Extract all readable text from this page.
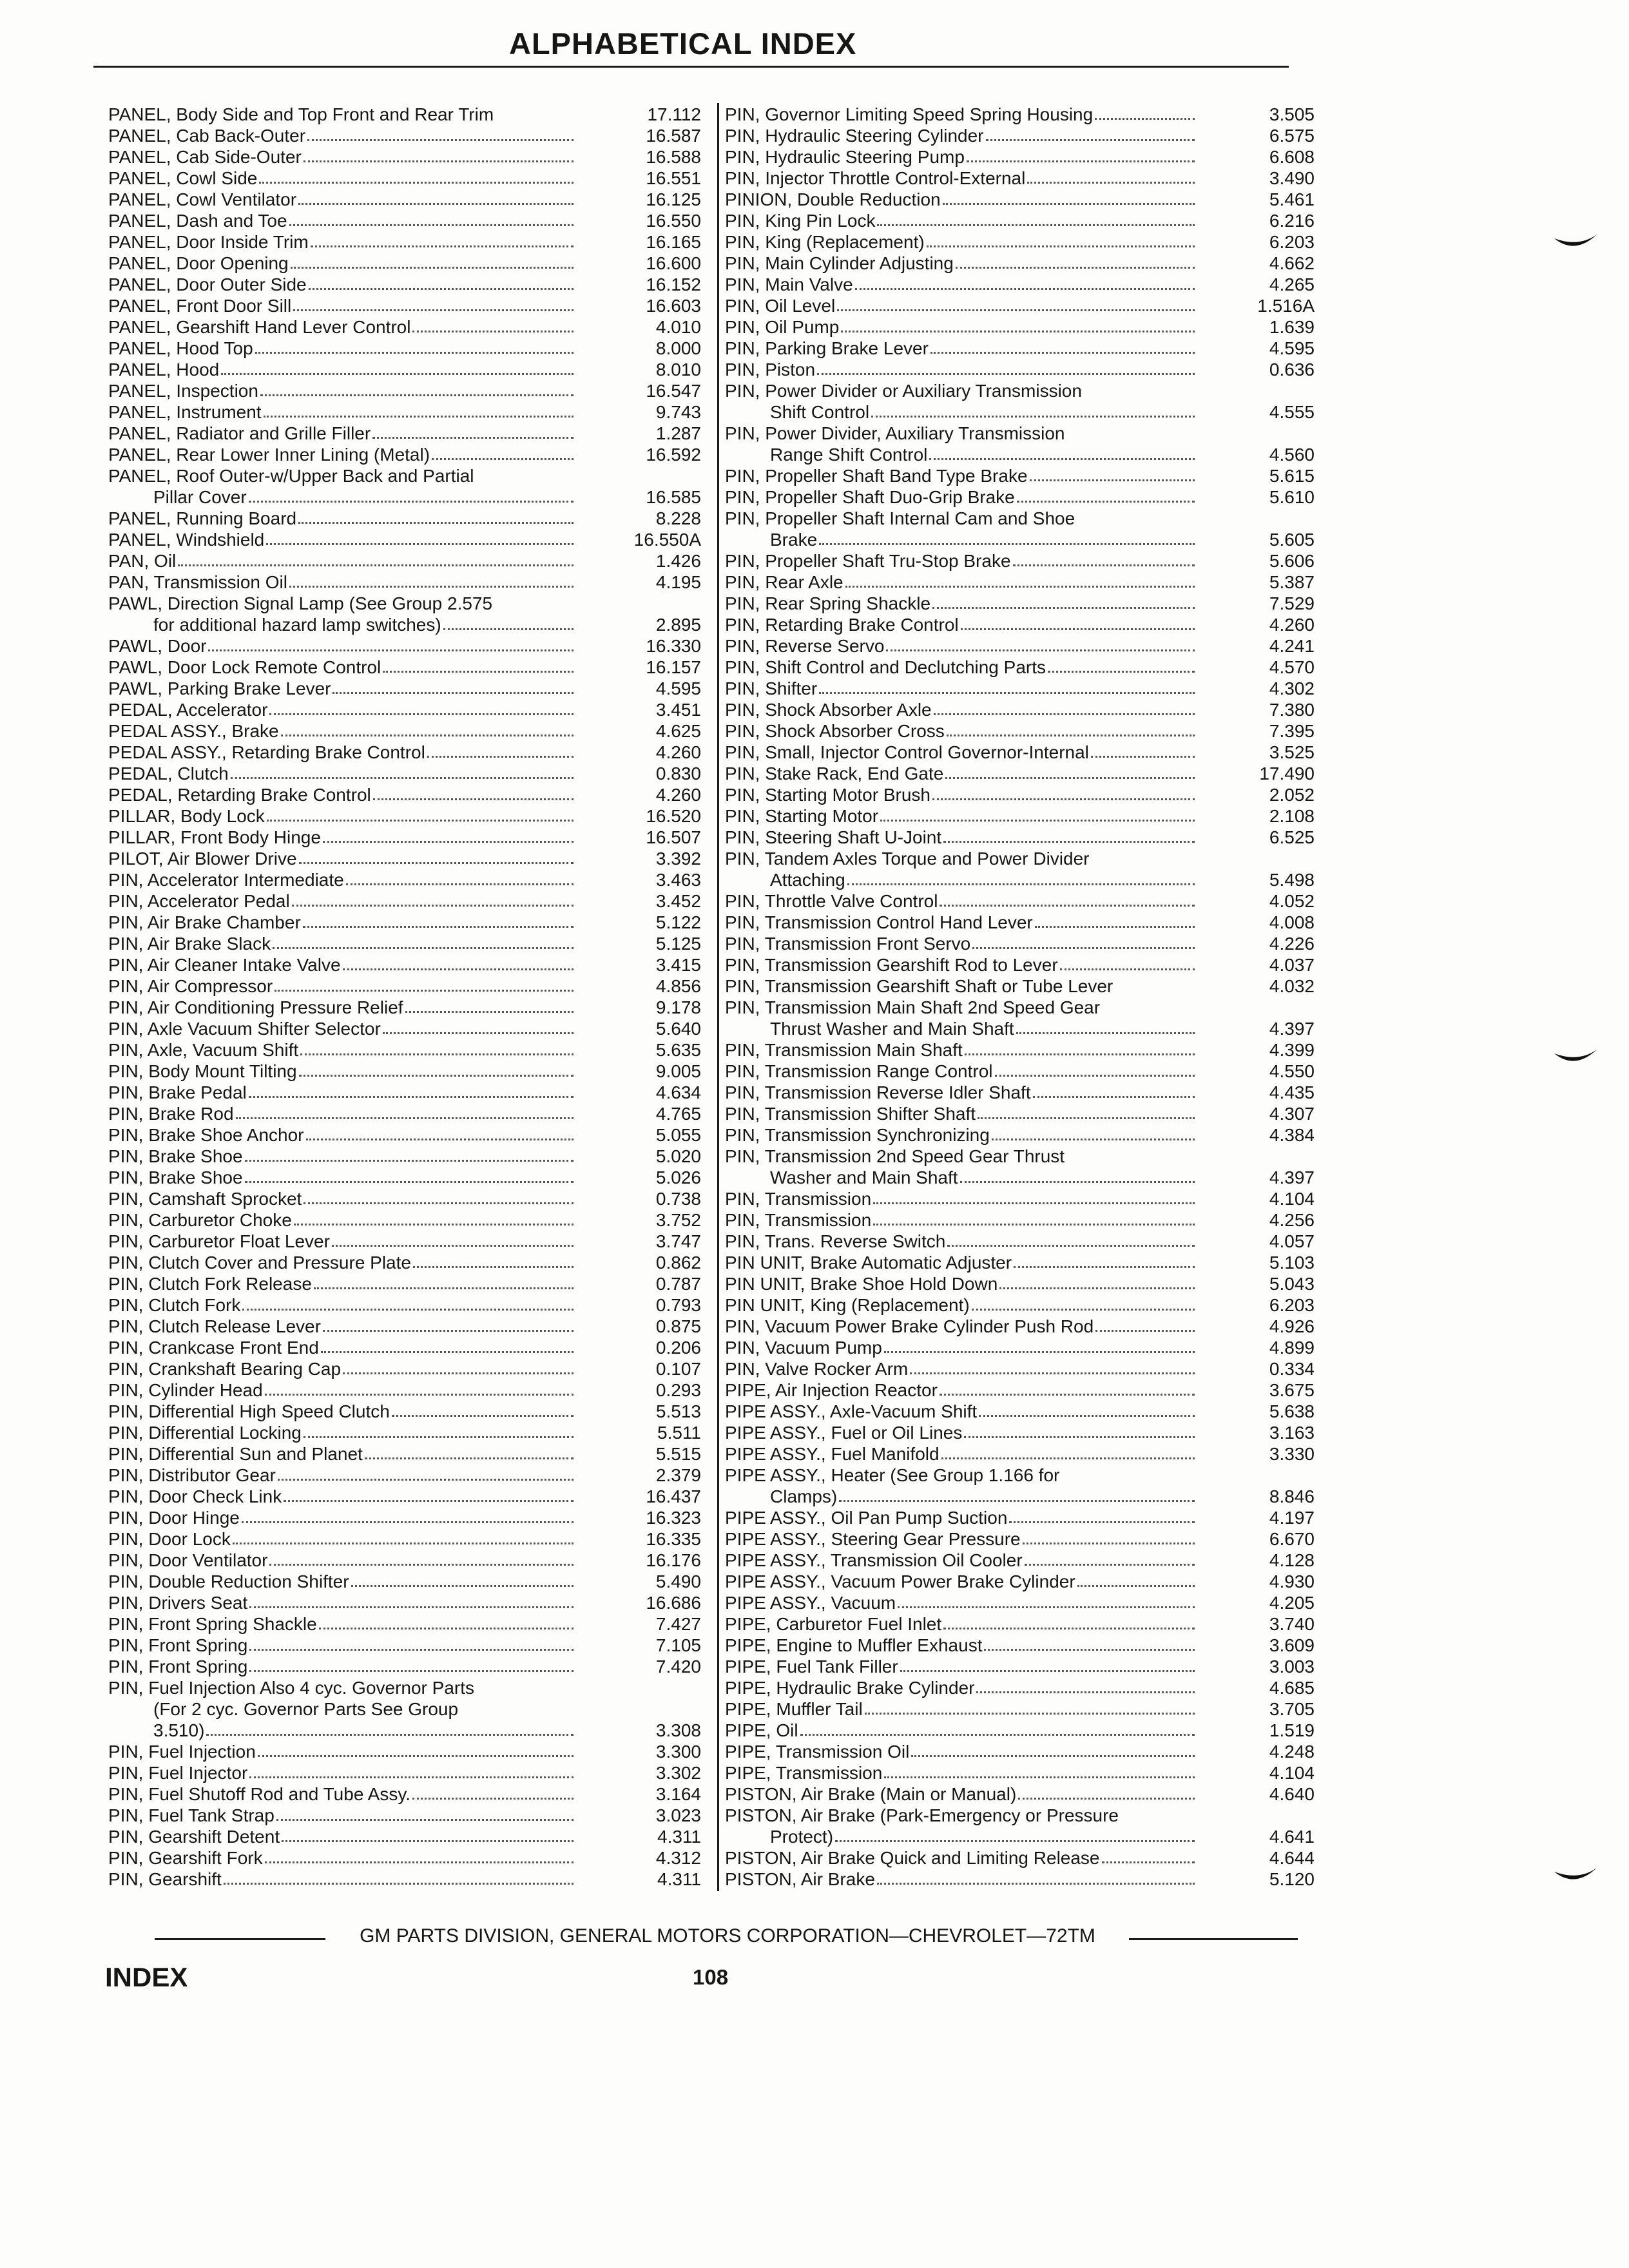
ALPHABETICAL INDEX
PANEL, Body Side and Top Front and Rear Trim	17.112
PANEL, Cab Back-Outer	16.587
PANEL, Cab Side-Outer	16.588
PANEL, Cowl Side	16.551
PANEL, Cowl Ventilator	16.125
PANEL, Dash and Toe	16.550
PANEL, Door Inside Trim	16.165
PANEL, Door Opening	16.600
PANEL, Door Outer Side	16.152
PANEL, Front Door Sill	16.603
PANEL, Gearshift Hand Lever Control	4.010
PANEL, Hood Top	8.000
PANEL, Hood	8.010
PANEL, Inspection	16.547
PANEL, Instrument	9.743
PANEL, Radiator and Grille Filler	1.287
PANEL, Rear Lower Inner Lining (Metal)	16.592
PANEL, Roof Outer-w/Upper Back and Partial
Pillar Cover	16.585
PANEL, Running Board	8.228
PANEL, Windshield	16.550A
PAN, Oil	1.426
PAN, Transmission Oil	4.195
PAWL, Direction Signal Lamp (See Group 2.575
for additional hazard lamp switches)	2.895
PAWL, Door	16.330
PAWL, Door Lock Remote Control	16.157
PAWL, Parking Brake Lever	4.595
PEDAL, Accelerator	3.451
PEDAL ASSY., Brake	4.625
PEDAL ASSY., Retarding Brake Control	4.260
PEDAL, Clutch	0.830
PEDAL, Retarding Brake Control	4.260
PILLAR, Body Lock	16.520
PILLAR, Front Body Hinge	16.507
PILOT, Air Blower Drive	3.392
PIN, Accelerator Intermediate	3.463
PIN, Accelerator Pedal	3.452
PIN, Air Brake Chamber	5.122
PIN, Air Brake Slack	5.125
PIN, Air Cleaner Intake Valve	3.415
PIN, Air Compressor	4.856
PIN, Air Conditioning Pressure Relief	9.178
PIN, Axle Vacuum Shifter Selector	5.640
PIN, Axle, Vacuum Shift	5.635
PIN, Body Mount Tilting	9.005
PIN, Brake Pedal	4.634
PIN, Brake Rod	4.765
PIN, Brake Shoe Anchor	5.055
PIN, Brake Shoe	5.020
PIN, Brake Shoe	5.026
PIN, Camshaft Sprocket	0.738
PIN, Carburetor Choke	3.752
PIN, Carburetor Float Lever	3.747
PIN, Clutch Cover and Pressure Plate	0.862
PIN, Clutch Fork Release	0.787
PIN, Clutch Fork	0.793
PIN, Clutch Release Lever	0.875
PIN, Crankcase Front End	0.206
PIN, Crankshaft Bearing Cap	0.107
PIN, Cylinder Head	0.293
PIN, Differential High Speed Clutch	5.513
PIN, Differential Locking	5.511
PIN, Differential Sun and Planet	5.515
PIN, Distributor Gear	2.379
PIN, Door Check Link	16.437
PIN, Door Hinge	16.323
PIN, Door Lock	16.335
PIN, Door Ventilator	16.176
PIN, Double Reduction Shifter	5.490
PIN, Drivers Seat	16.686
PIN, Front Spring Shackle	7.427
PIN, Front Spring	7.105
PIN, Front Spring	7.420
PIN, Fuel Injection Also 4 cyc. Governor Parts
(For 2 cyc. Governor Parts See Group
3.510)	3.308
PIN, Fuel Injection	3.300
PIN, Fuel Injector	3.302
PIN, Fuel Shutoff Rod and Tube Assy.	3.164
PIN, Fuel Tank Strap	3.023
PIN, Gearshift Detent	4.311
PIN, Gearshift Fork	4.312
PIN, Gearshift	4.311
PIN, Governor Limiting Speed Spring Housing	3.505
PIN, Hydraulic Steering Cylinder	6.575
PIN, Hydraulic Steering Pump	6.608
PIN, Injector Throttle Control-External	3.490
PINION, Double Reduction	5.461
PIN, King Pin Lock	6.216
PIN, King (Replacement)	6.203
PIN, Main Cylinder Adjusting	4.662
PIN, Main Valve	4.265
PIN, Oil Level	1.516A
PIN, Oil Pump	1.639
PIN, Parking Brake Lever	4.595
PIN, Piston	0.636
PIN, Power Divider or Auxiliary Transmission
Shift Control	4.555
PIN, Power Divider, Auxiliary Transmission
Range Shift Control	4.560
PIN, Propeller Shaft Band Type Brake	5.615
PIN, Propeller Shaft Duo-Grip Brake	5.610
PIN, Propeller Shaft Internal Cam and Shoe
Brake	5.605
PIN, Propeller Shaft Tru-Stop Brake	5.606
PIN, Rear Axle	5.387
PIN, Rear Spring Shackle	7.529
PIN, Retarding Brake Control	4.260
PIN, Reverse Servo	4.241
PIN, Shift Control and Declutching Parts	4.570
PIN, Shifter	4.302
PIN, Shock Absorber Axle	7.380
PIN, Shock Absorber Cross	7.395
PIN, Small, Injector Control Governor-Internal	3.525
PIN, Stake Rack, End Gate	17.490
PIN, Starting Motor Brush	2.052
PIN, Starting Motor	2.108
PIN, Steering Shaft U-Joint	6.525
PIN, Tandem Axles Torque and Power Divider
Attaching	5.498
PIN, Throttle Valve Control	4.052
PIN, Transmission Control Hand Lever	4.008
PIN, Transmission Front Servo	4.226
PIN, Transmission Gearshift Rod to Lever	4.037
PIN, Transmission Gearshift Shaft or Tube Lever	4.032
PIN, Transmission Main Shaft 2nd Speed Gear
Thrust Washer and Main Shaft	4.397
PIN, Transmission Main Shaft	4.399
PIN, Transmission Range Control	4.550
PIN, Transmission Reverse Idler Shaft	4.435
PIN, Transmission Shifter Shaft	4.307
PIN, Transmission Synchronizing	4.384
PIN, Transmission 2nd Speed Gear Thrust
Washer and Main Shaft	4.397
PIN, Transmission	4.104
PIN, Transmission	4.256
PIN, Trans. Reverse Switch	4.057
PIN UNIT, Brake Automatic Adjuster	5.103
PIN UNIT, Brake Shoe Hold Down	5.043
PIN UNIT, King (Replacement)	6.203
PIN, Vacuum Power Brake Cylinder Push Rod	4.926
PIN, Vacuum Pump	4.899
PIN, Valve Rocker Arm	0.334
PIPE, Air Injection Reactor	3.675
PIPE ASSY., Axle-Vacuum Shift	5.638
PIPE ASSY., Fuel or Oil Lines	3.163
PIPE ASSY., Fuel Manifold	3.330
PIPE ASSY., Heater (See Group 1.166 for
Clamps)	8.846
PIPE ASSY., Oil Pan Pump Suction	4.197
PIPE ASSY., Steering Gear Pressure	6.670
PIPE ASSY., Transmission Oil Cooler	4.128
PIPE ASSY., Vacuum Power Brake Cylinder	4.930
PIPE ASSY., Vacuum	4.205
PIPE, Carburetor Fuel Inlet	3.740
PIPE, Engine to Muffler Exhaust	3.609
PIPE, Fuel Tank Filler	3.003
PIPE, Hydraulic Brake Cylinder	4.685
PIPE, Muffler Tail	3.705
PIPE, Oil	1.519
PIPE, Transmission Oil	4.248
PIPE, Transmission	4.104
PISTON, Air Brake (Main or Manual)	4.640
PISTON, Air Brake (Park-Emergency or Pressure
Protect)	4.641
PISTON, Air Brake Quick and Limiting Release	4.644
PISTON, Air Brake	5.120
GM PARTS DIVISION, GENERAL MOTORS CORPORATION—CHEVROLET—72TM
INDEX	108
